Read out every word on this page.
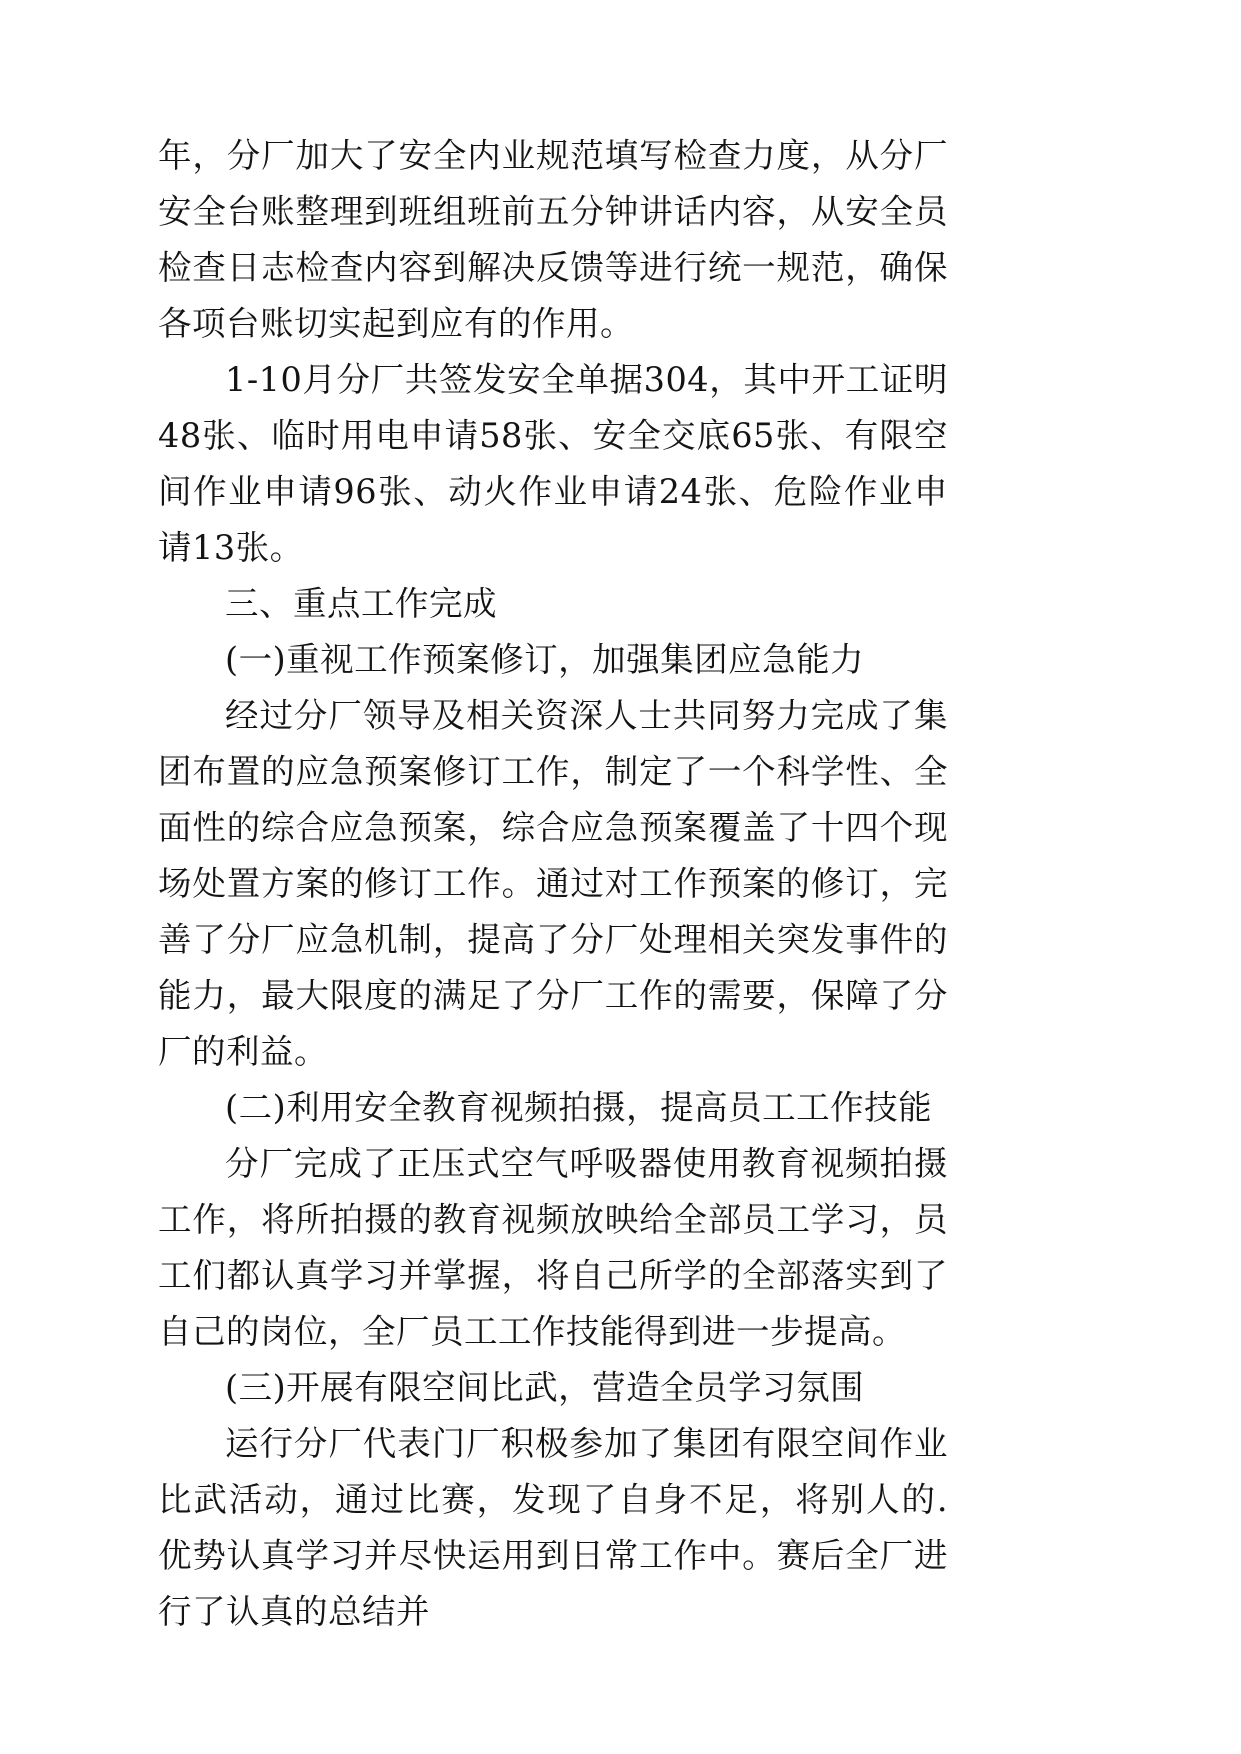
年，分厂加大了安全内业规范填写检查力度，从分厂安全台账整理到班组班前五分钟讲话内容，从安全员检查日志检查内容到解决反馈等进行统一规范，确保各项台账切实起到应有的作用。

1-10月分厂共签发安全单据304，其中开工证明48张、临时用电申请58张、安全交底65张、有限空间作业申请96张、动火作业申请24张、危险作业申请13张。

三、重点工作完成

(一)重视工作预案修订，加强集团应急能力

经过分厂领导及相关资深人士共同努力完成了集团布置的应急预案修订工作，制定了一个科学性、全面性的综合应急预案，综合应急预案覆盖了十四个现场处置方案的修订工作。通过对工作预案的修订，完善了分厂应急机制，提高了分厂处理相关突发事件的能力，最大限度的满足了分厂工作的需要，保障了分厂的利益。

(二)利用安全教育视频拍摄，提高员工工作技能

分厂完成了正压式空气呼吸器使用教育视频拍摄工作，将所拍摄的教育视频放映给全部员工学习，员工们都认真学习并掌握，将自己所学的全部落实到了自己的岗位，全厂员工工作技能得到进一步提高。

(三)开展有限空间比武，营造全员学习氛围

运行分厂代表门厂积极参加了集团有限空间作业比武活动，通过比赛，发现了自身不足，将别人的.优势认真学习并尽快运用到日常工作中。赛后全厂进行了认真的总结并
